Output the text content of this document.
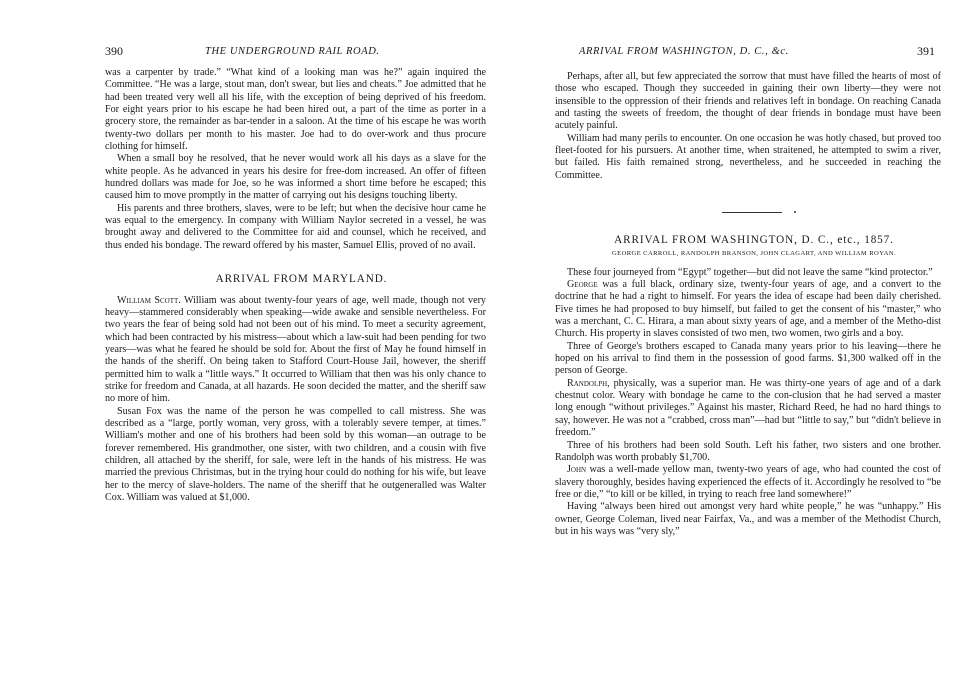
390	THE UNDERGROUND RAIL ROAD.

was a carpenter by trade.” “What kind of a looking man was he?” again inquired the Committee. “He was a large, stout man, don't swear, but lies and cheats.” Joe admitted that he had been treated very well all his life, with the exception of being deprived of his freedom. For eight years prior to his escape he had been hired out, a part of the time as porter in a grocery store, the remainder as bar-tender in a saloon. At the time of his escape he was worth twenty-two dollars per month to his master. Joe had to do over-work and thus procure clothing for himself.

When a small boy he resolved, that he never would work all his days as a slave for the white people. As he advanced in years his desire for free-dom increased. An offer of fifteen hundred dollars was made for Joe, so he was informed a short time before he escaped; this caused him to move promptly in the matter of carrying out his designs touching liberty.

His parents and three brothers, slaves, were to be left; but when the decisive hour came he was equal to the emergency. In company with William Naylor secreted in a vessel, he was brought away and delivered to the Committee for aid and counsel, which he received, and thus ended his bondage. The reward offered by his master, Samuel Ellis, proved of no avail.

ARRIVAL FROM MARYLAND.

William Scott. William was about twenty-four years of age, well made, though not very heavy—stammered considerably when speaking—wide awake and sensible nevertheless. For two years the fear of being sold had not been out of his mind. To meet a security agreement, which had been contracted by his mistress—about which a law-suit had been pending for two years—was what he feared he should be sold for. About the first of May he found himself in the hands of the sheriff. On being taken to Stafford Court-House Jail, however, the sheriff permitted him to walk a “little ways.” It occurred to William that then was his only chance to strike for freedom and Canada, at all hazards. He soon decided the matter, and the sheriff saw no more of him.

Susan Fox was the name of the person he was compelled to call mistress. She was described as a “large, portly woman, very gross, with a tolerably severe temper, at times.” William's mother and one of his brothers had been sold by this woman—an outrage to be forever remembered. His grandmother, one sister, with two children, and a cousin with five children, all attached by the sheriff, for sale, were left in the hands of his mistress. He was married the previous Christmas, but in the trying hour could do nothing for his wife, but leave her to the mercy of slave-holders. The name of the sheriff that he outgeneralled was Walter Cox. William was valued at $1,000.

ARRIVAL FROM WASHINGTON, D. C., &c.	391

Perhaps, after all, but few appreciated the sorrow that must have filled the hearts of most of those who escaped. Though they succeeded in gaining their own liberty—they were not insensible to the oppression of their friends and relatives left in bondage. On reaching Canada and tasting the sweets of freedom, the thought of dear friends in bondage must have been acutely painful.

William had many perils to encounter. On one occasion he was hotly chased, but proved too fleet-footed for his pursuers. At another time, when straitened, he attempted to swim a river, but failed. His faith remained strong, nevertheless, and he succeeded in reaching the Committee.

ARRIVAL FROM WASHINGTON, D. C., etc., 1857.

GEORGE CARROLL, RANDOLPH BRANSON, JOHN CLAGART, AND WILLIAM ROYAN.

These four journeyed from “Egypt” together—but did not leave the same “kind protector.”

George was a full black, ordinary size, twenty-four years of age, and a convert to the doctrine that he had a right to himself. For years the idea of escape had been daily cherished. Five times he had proposed to buy himself, but failed to get the consent of his “master,” who was a merchant, C. C. Hirara, a man about sixty years of age, and a member of the Metho-dist Church. His property in slaves consisted of two men, two women, two girls and a boy.

Three of George's brothers escaped to Canada many years prior to his leaving—there he hoped on his arrival to find them in the possession of good farms. $1,300 walked off in the person of George.

Randolph, physically, was a superior man. He was thirty-one years of age and of a dark chestnut color. Weary with bondage he came to the con-clusion that he had served a master long enough “without privileges.” Against his master, Richard Reed, he had no hard things to say, however. He was not a “crabbed, cross man”—had but “little to say,” but “didn't believe in freedom.”

Three of his brothers had been sold South. Left his father, two sisters and one brother. Randolph was worth probably $1,700.

John was a well-made yellow man, twenty-two years of age, who had counted the cost of slavery thoroughly, besides having experienced the effects of it. Accordingly he resolved to “be free or die,” “to kill or be killed, in trying to reach free land somewhere!”

Having “always been hired out amongst very hard white people,” he was “unhappy.” His owner, George Coleman, lived near Fairfax, Va., and was a member of the Methodist Church, but in his ways was “very sly,”
